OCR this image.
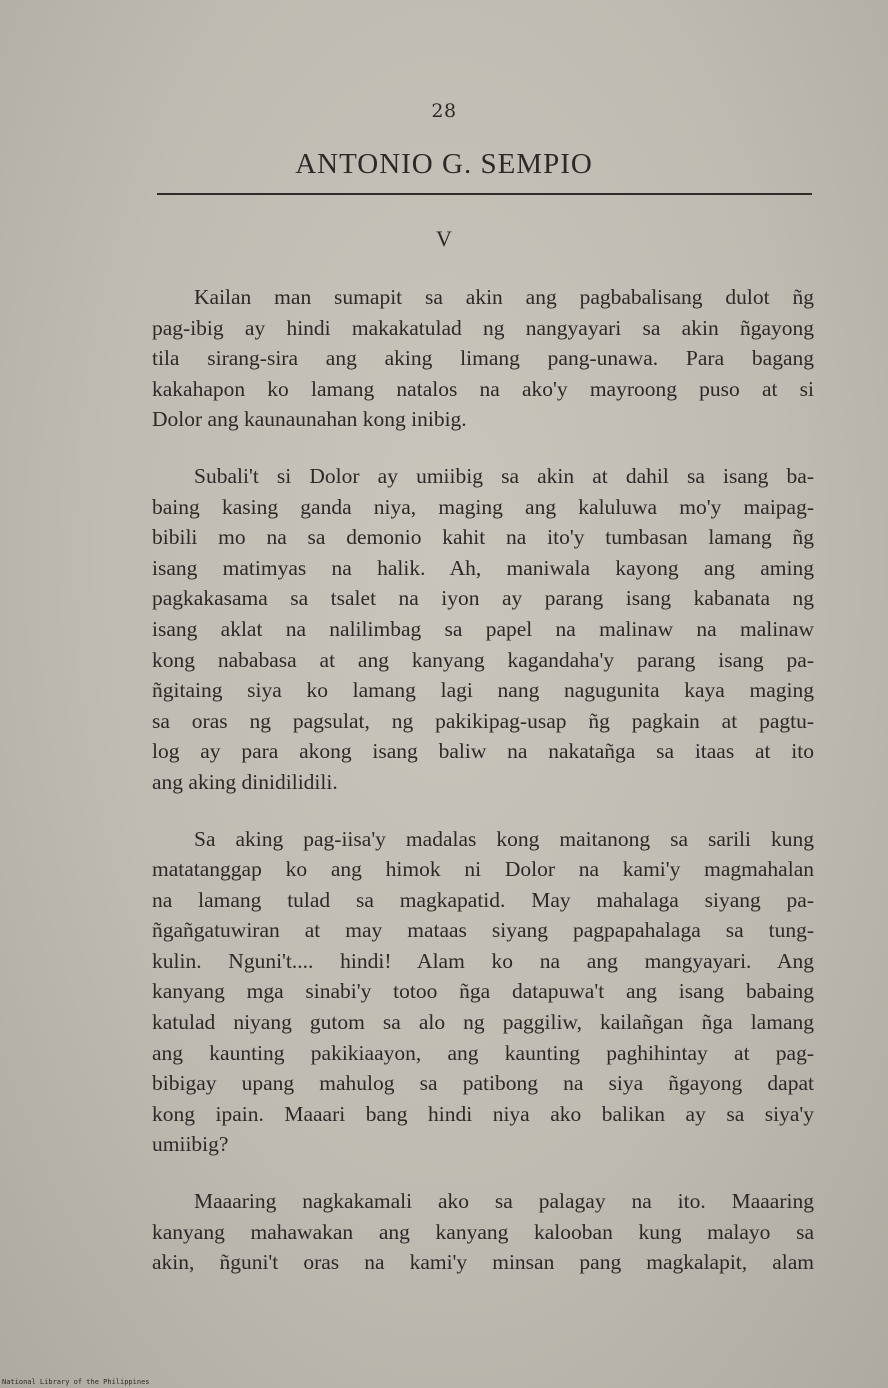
28
ANTONIO G. SEMPIO
V

Kailan man sumapit sa akin ang pagbabalisang dulot ñg
pag-ibig ay hindi makakatulad ng nangyayari sa akin ñgayong
tila sirang-sira ang aking limang pang-unawa. Para bagang
kakahapon ko lamang natalos na ako'y mayroong puso at si
Dolor ang kaunaunahan kong inibig.

Subali't si Dolor ay umiibig sa akin at dahil sa isang ba-
baing kasing ganda niya, maging ang kaluluwa mo'y maipag-
bibili mo na sa demonio kahit na ito'y tumbasan lamang ñg
isang matimyas na halik. Ah, maniwala kayong ang aming
pagkakasama sa tsalet na iyon ay parang isang kabanata ng
isang aklat na nalilimbag sa papel na malinaw na malinaw
kong nababasa at ang kanyang kagandaha'y parang isang pa-
ñgitaing siya ko lamang lagi nang nagugunita kaya maging
sa oras ng pagsulat, ng pakikipag-usap ñg pagkain at pagtu-
log ay para akong isang baliw na nakatañga sa itaas at ito
ang aking dinidilidili.

Sa aking pag-iisa'y madalas kong maitanong sa sarili kung
matatanggap ko ang himok ni Dolor na kami'y magmahalan
na lamang tulad sa magkapatid. May mahalaga siyang pa-
ñgañgatuwiran at may mataas siyang pagpapahalaga sa tung-
kulin. Nguni't.... hindi! Alam ko na ang mangyayari. Ang
kanyang mga sinabi'y totoo ñga datapuwa't ang isang babaing
katulad niyang gutom sa alo ng paggiliw, kailañgan ñga lamang
ang kaunting pakikiaayon, ang kaunting paghihintay at pag-
bibigay upang mahulog sa patibong na siya ñgayong dapat
kong ipain. Maaari bang hindi niya ako balikan ay sa siya'y
umiibig?

Maaaring nagkakamali ako sa palagay na ito. Maaaring
kanyang mahawakan ang kanyang kalooban kung malayo sa
akin, ñguni't oras na kami'y minsan pang magkalapit, alam

National Library of the Philippines
